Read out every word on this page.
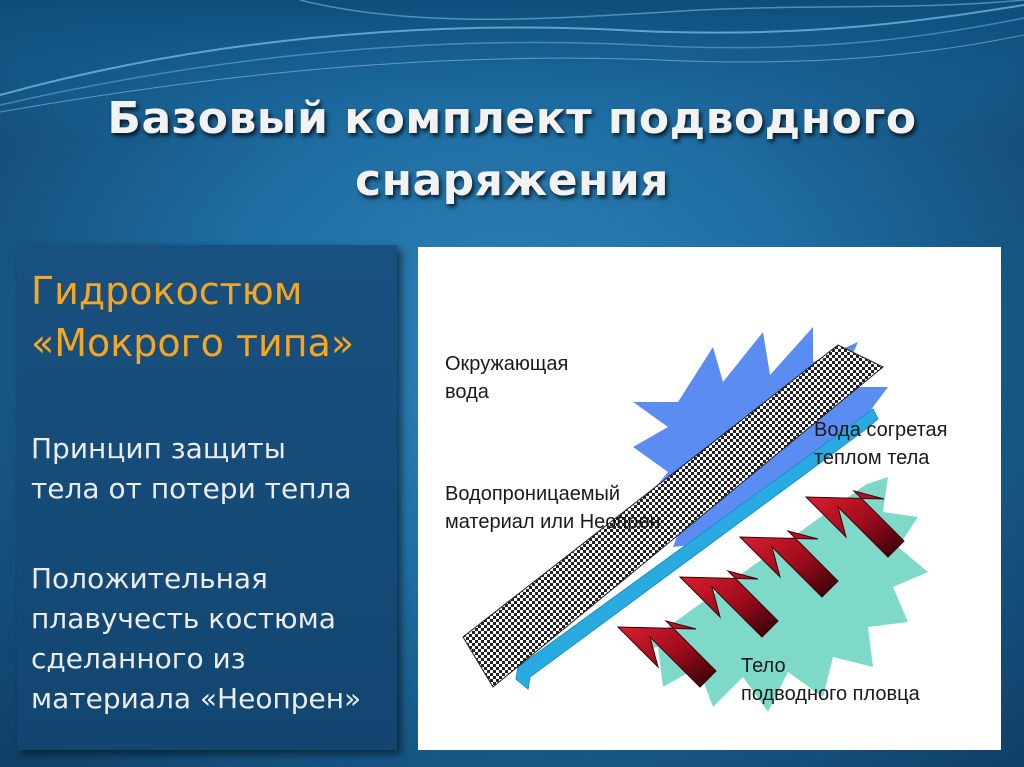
Базовый комплект подводного
снаряжения
Гидрокостюм
«Мокрого типа»
Принцип защиты
тела от потери тепла
Положительная
плавучесть костюма
сделанного из
материала «Неопрен»
Окружающая
вода
Водопроницаемый
материал или Неопрен
Вода согретая
теплом тела
Тело
подводного пловца
